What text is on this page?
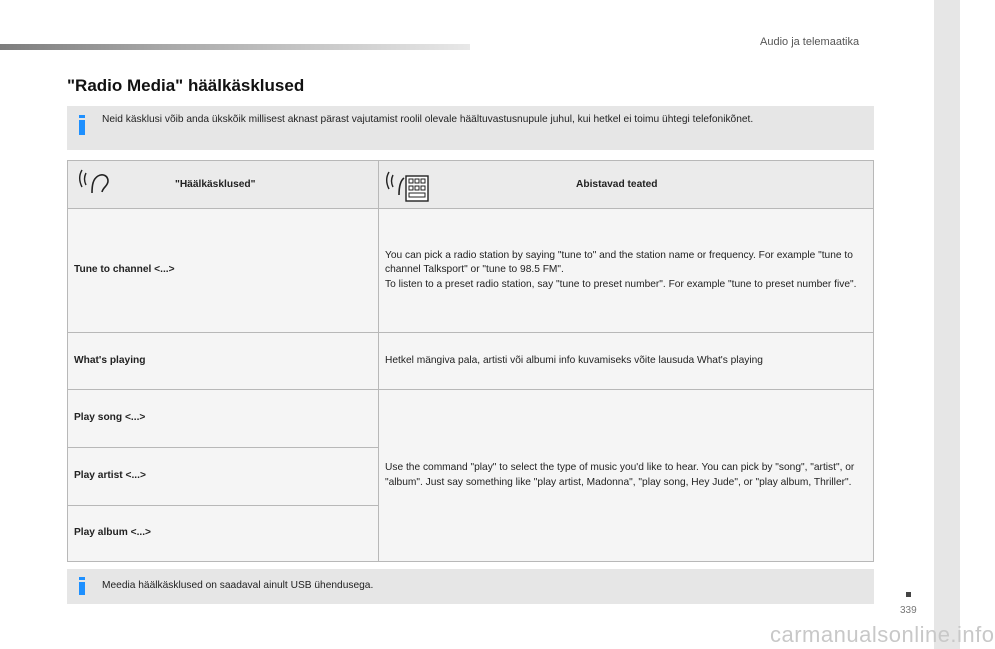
Audio ja telemaatika
"Radio Media" häälkäsklused
Neid käsklusi võib anda ükskõik millisest aknast pärast vajutamist roolil olevale häältuvastusnupule juhul, kui hetkel ei toimu ühtegi telefonikõnet.
"Häälkäsklused"	Abistavad teated

Tune to channel <...>	You can pick a radio station by saying "tune to" and the station name or frequency. For example "tune to channel Talksport" or "tune to 98.5 FM".
To listen to a preset radio station, say "tune to preset number". For example "tune to preset number five".

What's playing	Hetkel mängiva pala, artisti või albumi info kuvamiseks võite lausuda What's playing
Play song <...>	Use the command "play" to select the type of music you'd like to hear. You can pick by "song", "artist", or "album". Just say something like "play artist, Madonna", "play song, Hey Jude", or "play album, Thriller".

Play artist <...>	
Play album <...>	
Meedia häälkäsklused on saadaval ainult USB ühendusega.
339
carmanualsonline.info
